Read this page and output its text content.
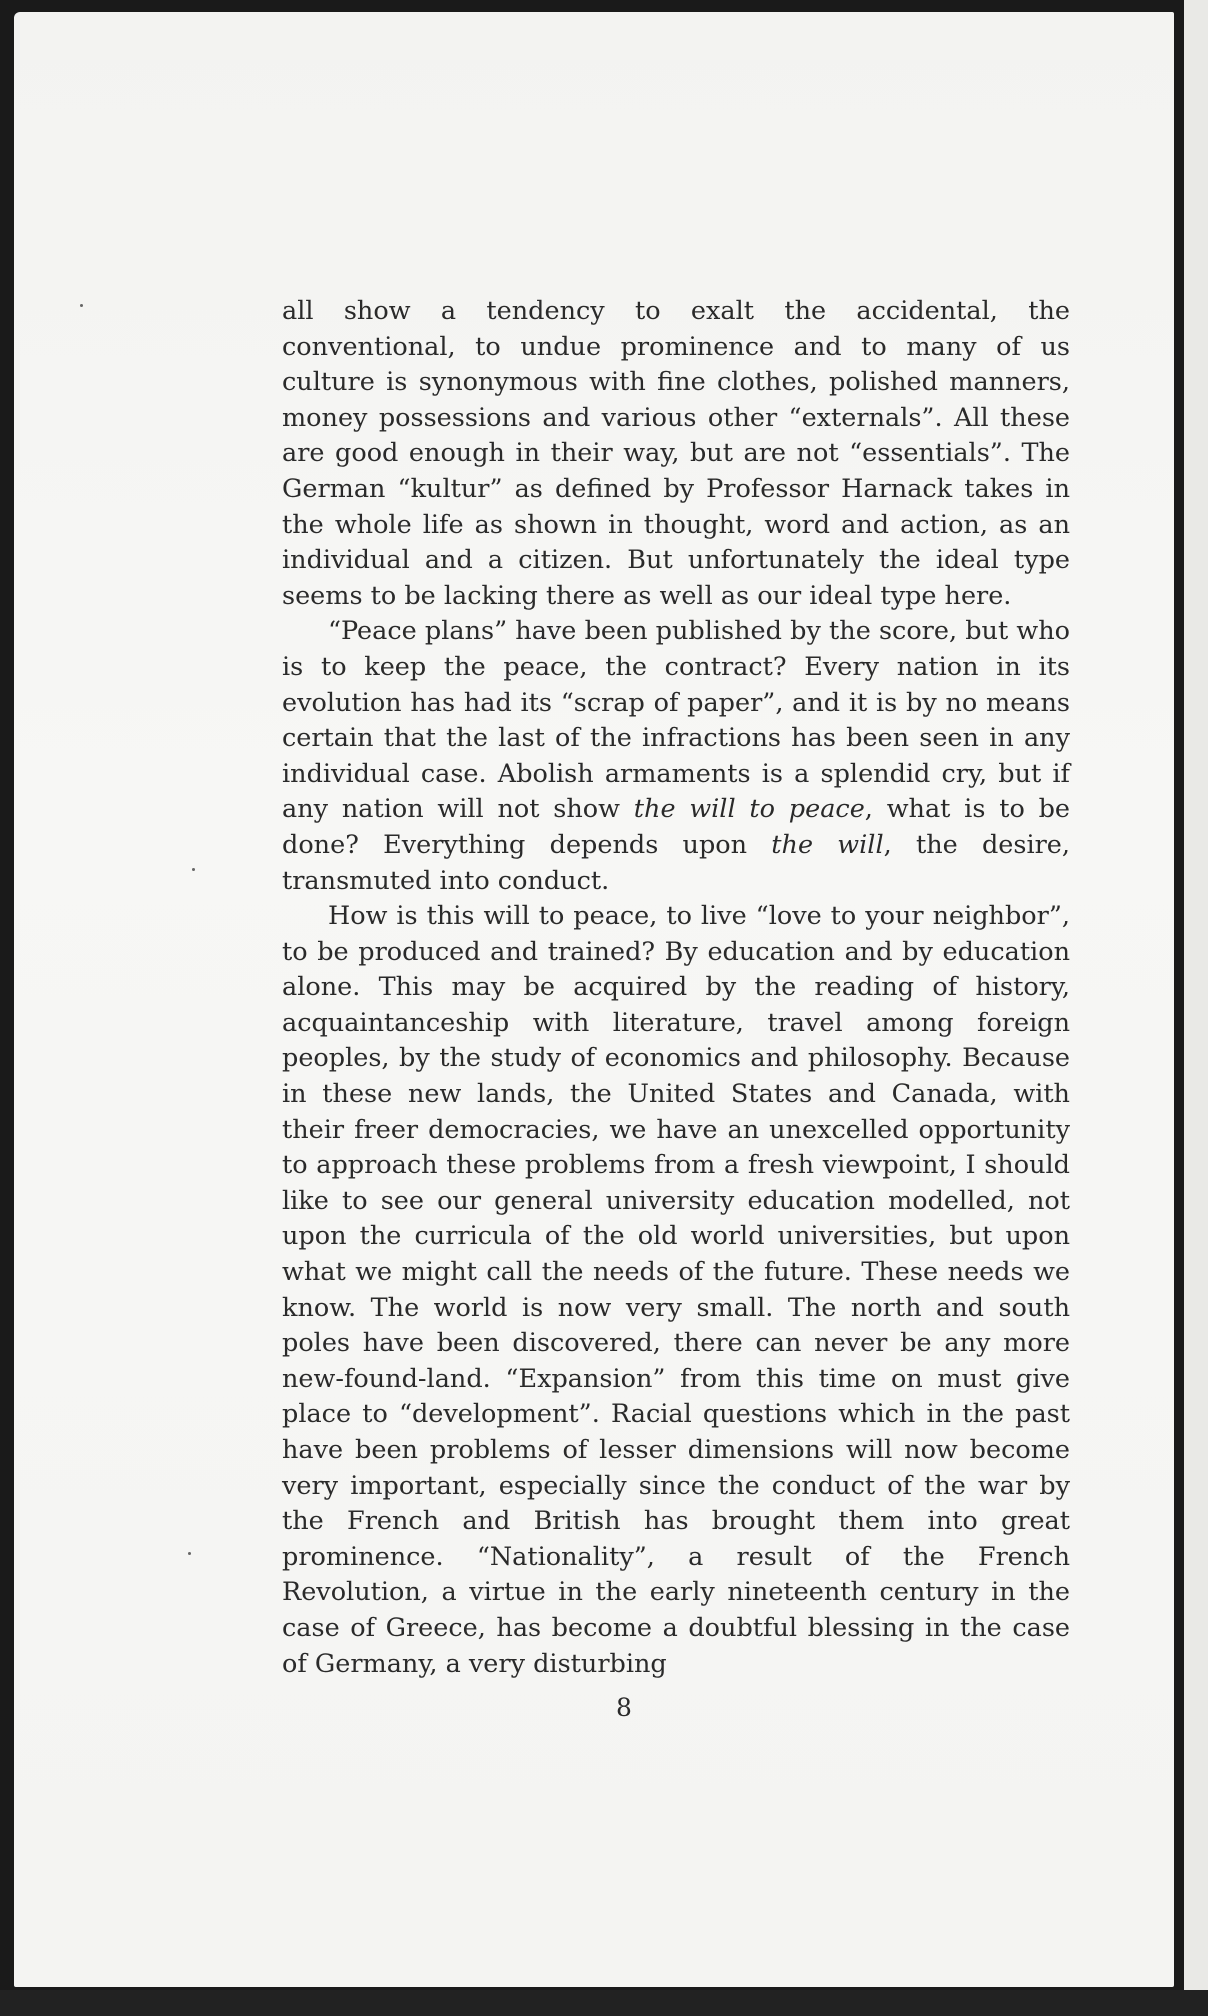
all show a tendency to exalt the accidental, the conventional, to undue prominence and to many of us culture is synonymous with fine clothes, polished manners, money possessions and various other “externals”. All these are good enough in their way, but are not “essentials”. The German “kultur” as defined by Professor Harnack takes in the whole life as shown in thought, word and action, as an individual and a citizen. But unfortunately the ideal type seems to be lacking there as well as our ideal type here.

“Peace plans” have been published by the score, but who is to keep the peace, the contract? Every nation in its evolution has had its “scrap of paper”, and it is by no means certain that the last of the infractions has been seen in any individual case. Abolish armaments is a splendid cry, but if any nation will not show the will to peace, what is to be done? Everything depends upon the will, the desire, transmuted into conduct.

How is this will to peace, to live “love to your neighbor”, to be produced and trained? By education and by education alone. This may be acquired by the reading of history, acquaintanceship with literature, travel among foreign peoples, by the study of economics and philosophy. Because in these new lands, the United States and Canada, with their freer democracies, we have an unexcelled opportunity to approach these problems from a fresh viewpoint, I should like to see our general university education modelled, not upon the curricula of the old world universities, but upon what we might call the needs of the future. These needs we know. The world is now very small. The north and south poles have been discovered, there can never be any more new-found-land. “Expansion” from this time on must give place to “development”. Racial questions which in the past have been problems of lesser dimensions will now become very important, especially since the conduct of the war by the French and British has brought them into great prominence. “Nationality”, a result of the French Revolution, a virtue in the early nineteenth century in the case of Greece, has become a doubtful blessing in the case of Germany, a very disturbing

8
